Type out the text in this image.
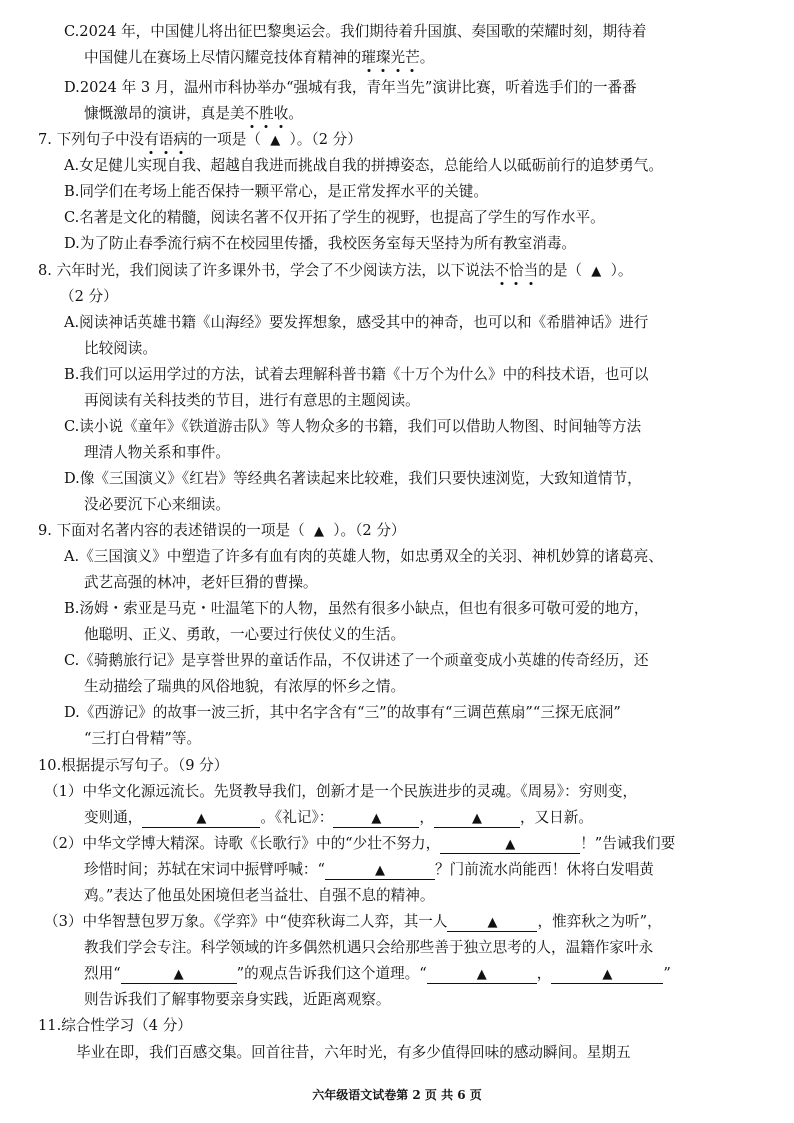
C.2024 年，中国健儿将出征巴黎奥运会。我们期待着升国旗、奏国歌的荣耀时刻，期待着
中国健儿在赛场上尽情闪耀竞技体育精神的璀璨光芒。
D.2024 年 3 月，温州市科协举办“强城有我，青年当先”演讲比赛，听着选手们的一番番
慷慨激昂的演讲，真是美不胜收。
7. 下列句子中没有语病的一项是（ ▲ ）。（2 分）
A.女足健儿实现自我、超越自我进而挑战自我的拼搏姿态，总能给人以砥砺前行的追梦勇气。
B.同学们在考场上能否保持一颗平常心，是正常发挥水平的关键。
C.名著是文化的精髓，阅读名著不仅开拓了学生的视野，也提高了学生的写作水平。
D.为了防止春季流行病不在校园里传播，我校医务室每天坚持为所有教室消毒。
8. 六年时光，我们阅读了许多课外书，学会了不少阅读方法，以下说法不恰当的是（ ▲ ）。
（2 分）
A.阅读神话英雄书籍《山海经》要发挥想象，感受其中的神奇，也可以和《希腊神话》进行
比较阅读。
B.我们可以运用学过的方法，试着去理解科普书籍《十万个为什么》中的科技术语，也可以
再阅读有关科技类的节目，进行有意思的主题阅读。
C.读小说《童年》《铁道游击队》等人物众多的书籍，我们可以借助人物图、时间轴等方法
理清人物关系和事件。
D.像《三国演义》《红岩》等经典名著读起来比较难，我们只要快速浏览，大致知道情节，
没必要沉下心来细读。
9. 下面对名著内容的表述错误的一项是（ ▲ ）。（2 分）
A.《三国演义》中塑造了许多有血有肉的英雄人物，如忠勇双全的关羽、神机妙算的诸葛亮、
武艺高强的林冲，老奸巨猾的曹操。
B.汤姆・索亚是马克・吐温笔下的人物，虽然有很多小缺点，但也有很多可敬可爱的地方，
他聪明、正义、勇敢，一心要过行侠仗义的生活。
C.《骑鹅旅行记》是享誉世界的童话作品，不仅讲述了一个顽童变成小英雄的传奇经历，还
生动描绘了瑞典的风俗地貌，有浓厚的怀乡之情。
D.《西游记》的故事一波三折，其中名字含有“三”的故事有“三调芭蕉扇”“三探无底洞”
“三打白骨精”等。
10.根据提示写句子。（9 分）
（1）中华文化源远流长。先贤教导我们，创新才是一个民族进步的灵魂。《周易》：穷则变，
变则通，	▲	。《礼记》：	▲	，	▲	，又日新。
（2）中华文学博大精深。诗歌《长歌行》中的“少壮不努力，	▲	！”告诫我们要
珍惜时间；苏轼在宋词中振臂呼喊：“	▲	？门前流水尚能西！休将白发唱黄
鸡。”表达了他虽处困境但老当益壮、自强不息的精神。
（3）中华智慧包罗万象。《学弈》中“使弈秋诲二人弈，其一人	▲	，惟弈秋之为听”，
教我们学会专注。科学领域的许多偶然机遇只会给那些善于独立思考的人，温籍作家叶永
烈用“	▲	”的观点告诉我们这个道理。“	▲	，	▲	”
则告诉我们了解事物要亲身实践，近距离观察。
11.综合性学习（4 分）
毕业在即，我们百感交集。回首往昔，六年时光，有多少值得回味的感动瞬间。星期五
六年级语文试卷第 2 页 共 6 页
